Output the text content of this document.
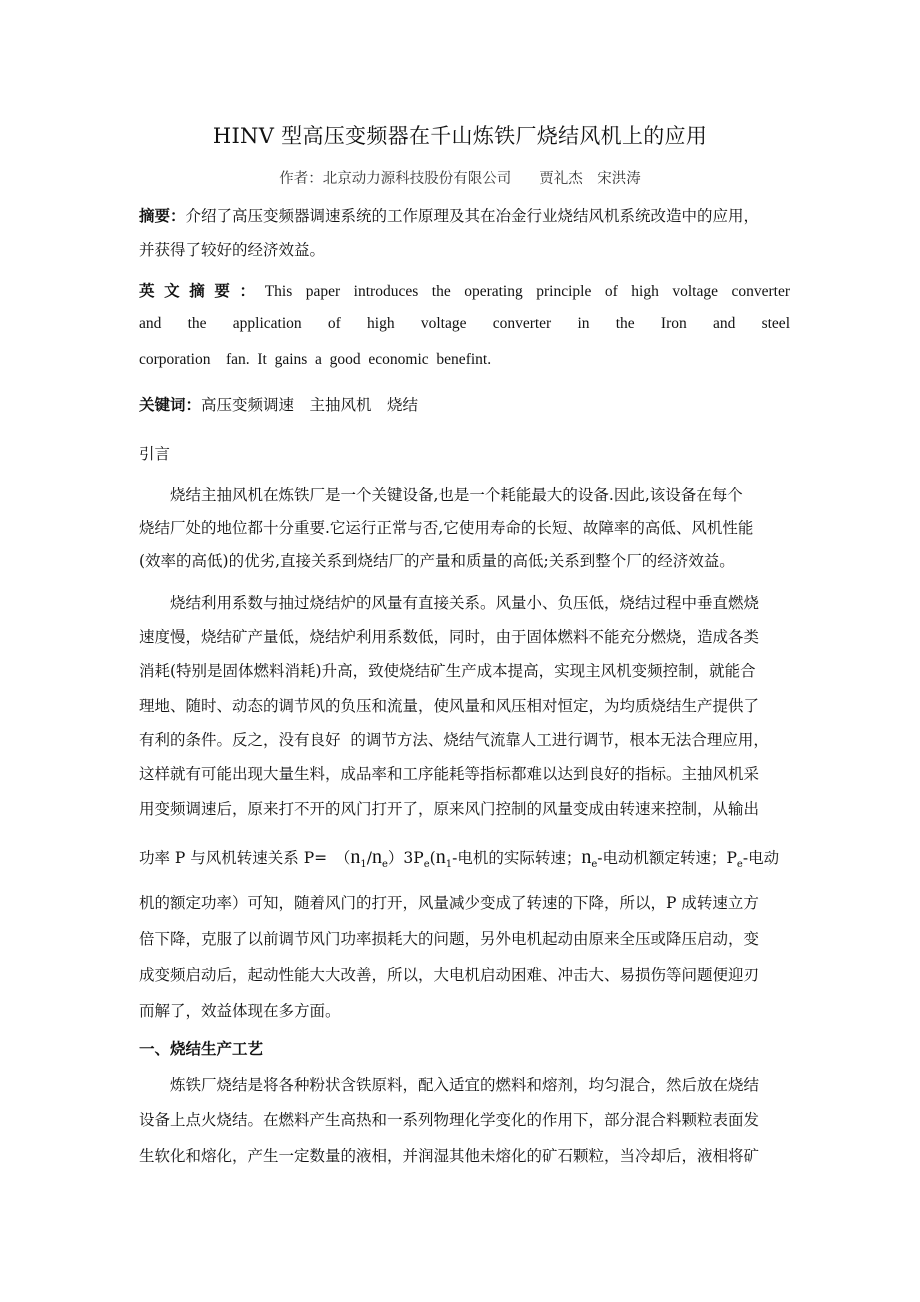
HINV 型高压变频器在千山炼铁厂烧结风机上的应用
作者：北京动力源科技股份有限公司 贾礼杰　宋洪涛
摘要：介绍了高压变频器调速系统的工作原理及其在冶金行业烧结风机系统改造中的应用，
并获得了较好的经济效益。
英文摘要：This paper introduces the operating principle of high voltage converter
and the application of high voltage converter in the Iron and steel
corporation    fan.  It  gains  a  good  economic  benefint.
关键词：高压变频调速　主抽风机　烧结
引言
烧结主抽风机在炼铁厂是一个关键设备,也是一个耗能最大的设备.因此,该设备在每个
烧结厂处的地位都十分重要.它运行正常与否,它使用寿命的长短、故障率的高低、风机性能
(效率的高低)的优劣,直接关系到烧结厂的产量和质量的高低;关系到整个厂的经济效益。
烧结利用系数与抽过烧结炉的风量有直接关系。风量小、负压低，烧结过程中垂直燃烧
速度慢，烧结矿产量低，烧结炉利用系数低，同时，由于固体燃料不能充分燃烧，造成各类
消耗(特别是固体燃料消耗)升高，致使烧结矿生产成本提高，实现主风机变频控制，就能合
理地、随时、动态的调节风的负压和流量，使风量和风压相对恒定，为均质烧结生产提供了
有利的条件。反之，没有良好  的调节方法、烧结气流靠人工进行调节，根本无法合理应用，
这样就有可能出现大量生料，成品率和工序能耗等指标都难以达到良好的指标。主抽风机采
用变频调速后，原来打不开的风门打开了，原来风门控制的风量变成由转速来控制，从输出
功率 P 与风机转速关系 P=　$(n_1/n_e)3P_e(n_1-$电机的实际转速；$n_e-$电动机额定转速；$P_e-$电动
机的额定功率）可知，随着风门的打开，风量减少变成了转速的下降，所以，P 成转速立方
倍下降，克服了以前调节风门功率损耗大的问题，另外电机起动由原来全压或降压启动，变
成变频启动后，起动性能大大改善，所以，大电机启动困难、冲击大、易损伤等问题便迎刃
而解了，效益体现在多方面。
一、烧结生产工艺
炼铁厂烧结是将各种粉状含铁原料，配入适宜的燃料和熔剂，均匀混合，然后放在烧结
设备上点火烧结。在燃料产生高热和一系列物理化学变化的作用下，部分混合料颗粒表面发
生软化和熔化，产生一定数量的液相，并润湿其他未熔化的矿石颗粒，当冷却后，液相将矿
